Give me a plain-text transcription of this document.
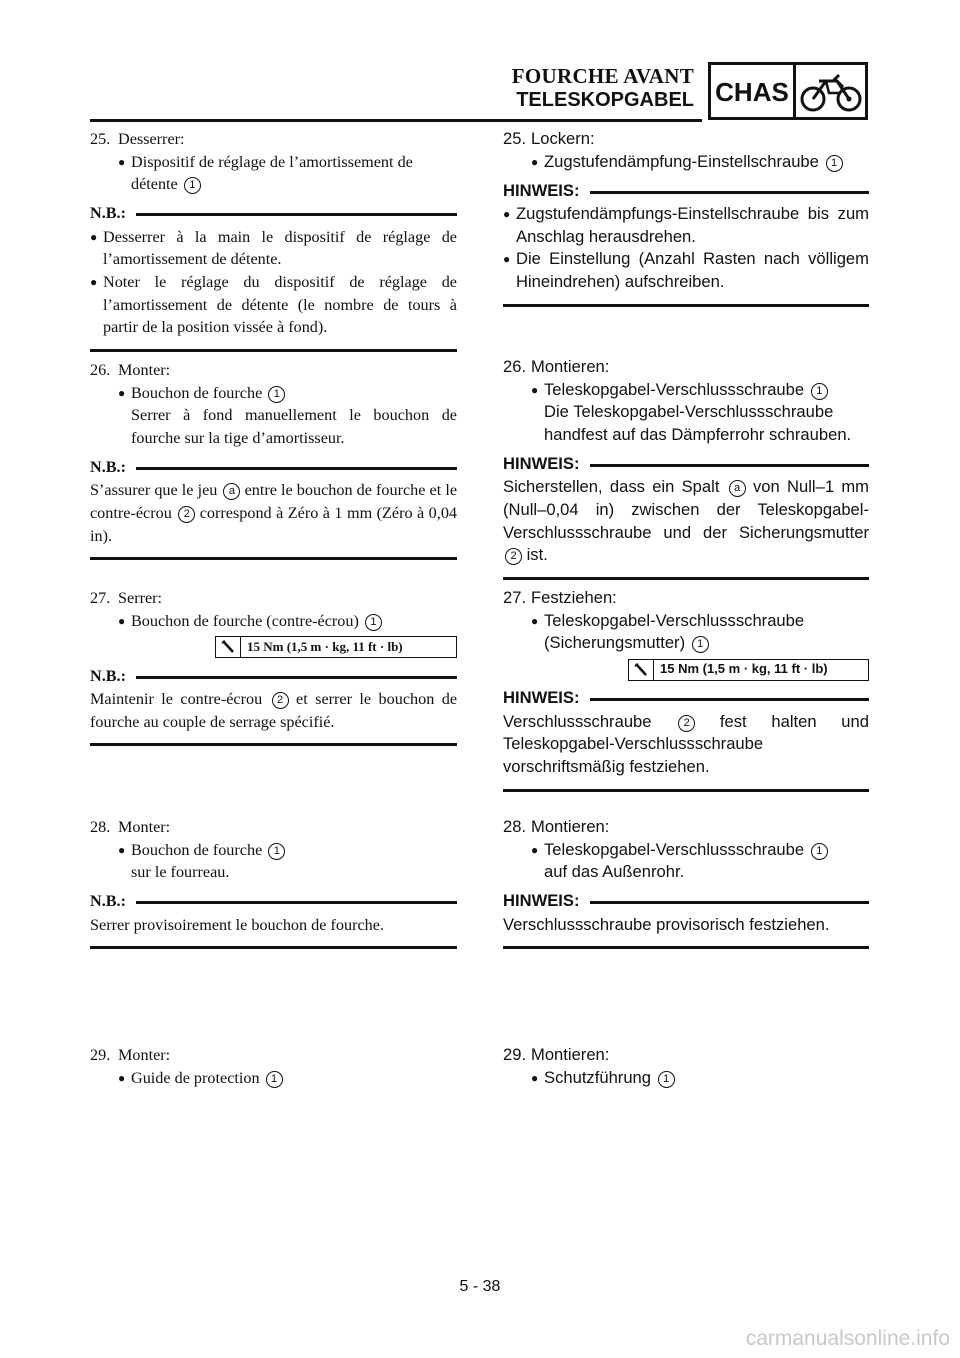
FOURCHE AVANT
TELESKOPGABEL CHAS
25. Desserrer:
● Dispositif de réglage de l’amortissement de
détente 1
N.B.:
● Desserrer à la main le dispositif de réglage de l’amortissement de détente.
● Noter le réglage du dispositif de réglage de l’amortissement de détente (le nombre de tours à partir de la position vissée à fond).
26. Monter:
● Bouchon de fourche 1
Serrer à fond manuellement le bouchon de fourche sur la tige d’amortisseur.
N.B.:
S’assurer que le jeu a entre le bouchon de fourche et le contre-écrou 2 correspond à Zéro à 1 mm (Zéro à 0,04 in).
27. Serrer:
● Bouchon de fourche (contre-écrou) 1
15 Nm (1,5 m · kg, 11 ft · lb)
N.B.:
Maintenir le contre-écrou 2 et serrer le bouchon de fourche au couple de serrage spécifié.
28. Monter:
● Bouchon de fourche 1
sur le fourreau.
N.B.:
Serrer provisoirement le bouchon de fourche.
29. Monter:
● Guide de protection 1
25. Lockern:
● Zugstufendämpfung-Einstellschraube 1
HINWEIS:
● Zugstufendämpfungs-Einstellschraube bis zum Anschlag herausdrehen.
● Die Einstellung (Anzahl Rasten nach völligem Hineindrehen) aufschreiben.
26. Montieren:
● Teleskopgabel-Verschlussschraube 1
Die Teleskopgabel-Verschlussschraube handfest auf das Dämpferrohr schrauben.
HINWEIS:
Sicherstellen, dass ein Spalt a von Null–1 mm (Null–0,04 in) zwischen der Teleskopgabel-Verschlussschraube und der Sicherungsmutter 2 ist.
27. Festziehen:
● Teleskopgabel-Verschlussschraube
(Sicherungsmutter) 1
15 Nm (1,5 m · kg, 11 ft · lb)
HINWEIS:
Verschlussschraube	2 fest halten und Teleskopgabel-Verschlussschraube vorschriftsmäßig festziehen.
28. Montieren:
● Teleskopgabel-Verschlussschraube 1
auf das Außenrohr.
HINWEIS:
Verschlussschraube provisorisch festziehen.
29. Montieren:
● Schutzführung 1
5 - 38
carmanualsonline.info
